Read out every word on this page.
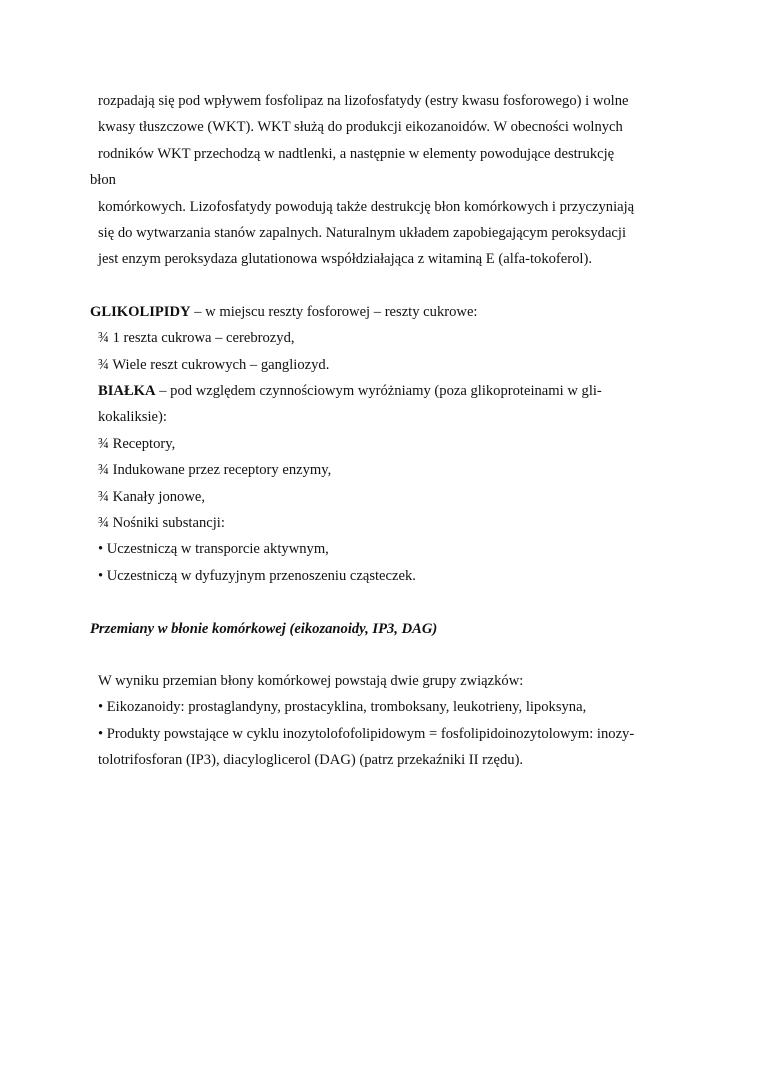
rozpadają się pod wpływem fosfolipaz na lizofosfatydy (estry kwasu fosforowego) i wolne
kwasy tłuszczowe (WKT). WKT służą do produkcji eikozanoidów. W obecności wolnych
rodników WKT przechodzą w nadtlenki, a następnie w elementy powodujące destrukcję
błon
komórkowych. Lizofosfatydy powodują także destrukcję błon komórkowych i przyczyniają
się do wytwarzania stanów zapalnych. Naturalnym układem zapobiegającym peroksydacji
jest enzym peroksydaza glutationowa współdziałająca z witaminą E (alfa-tokoferol).
GLIKOLIPIDY – w miejscu reszty fosforowej – reszty cukrowe:
¾ 1 reszta cukrowa – cerebrozyd,
¾ Wiele reszt cukrowych – gangliozyd.
BIAŁKA – pod względem czynnościowym wyróżniamy (poza glikoproteinami w gli-
kokaliksie):
¾ Receptory,
¾ Indukowane przez receptory enzymy,
¾ Kanały jonowe,
¾ Nośniki substancji:
• Uczestniczą w transporcie aktywnym,
• Uczestniczą w dyfuzyjnym przenoszeniu cząsteczek.
Przemiany w błonie komórkowej (eikozanoidy, IP3, DAG)
W wyniku przemian błony komórkowej powstają dwie grupy związków:
• Eikozanoidy: prostaglandyny, prostacyklina, tromboksany, leukotrieny, lipoksyna,
• Produkty powstające w cyklu inozytolofofolipidowym = fosfolipidoinozytolowym: inozy-
tolotrifosforan (IP3), diacyloglicerol (DAG) (patrz przekaźniki II rzędu).
